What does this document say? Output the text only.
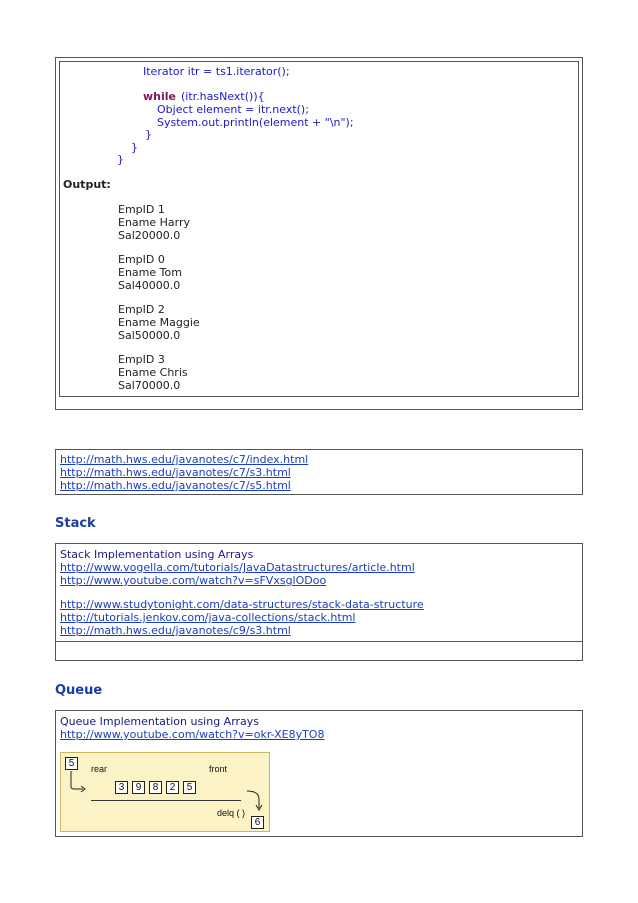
Iterator itr = ts1.iterator();
while (itr.hasNext()){
Object element = itr.next();
System.out.println(element + "\n");
}
}
}
Output:
EmpID 1
Ename Harry
Sal20000.0
EmpID 0
Ename Tom
Sal40000.0
EmpID 2
Ename Maggie
Sal50000.0
EmpID 3
Ename Chris
Sal70000.0
http://math.hws.edu/javanotes/c7/index.html
http://math.hws.edu/javanotes/c7/s3.html
http://math.hws.edu/javanotes/c7/s5.html
Stack
Stack Implementation using Arrays
http://www.vogella.com/tutorials/JavaDatastructures/article.html
http://www.youtube.com/watch?v=sFVxsglODoo
http://www.studytonight.com/data-structures/stack-data-structure
http://tutorials.jenkov.com/java-collections/stack.html
http://math.hws.edu/javanotes/c9/s3.html
Queue
Queue Implementation using Arrays
http://www.youtube.com/watch?v=okr-XE8yTO8
5	rear	front
3	9	8	2	5
delq ( )
6
